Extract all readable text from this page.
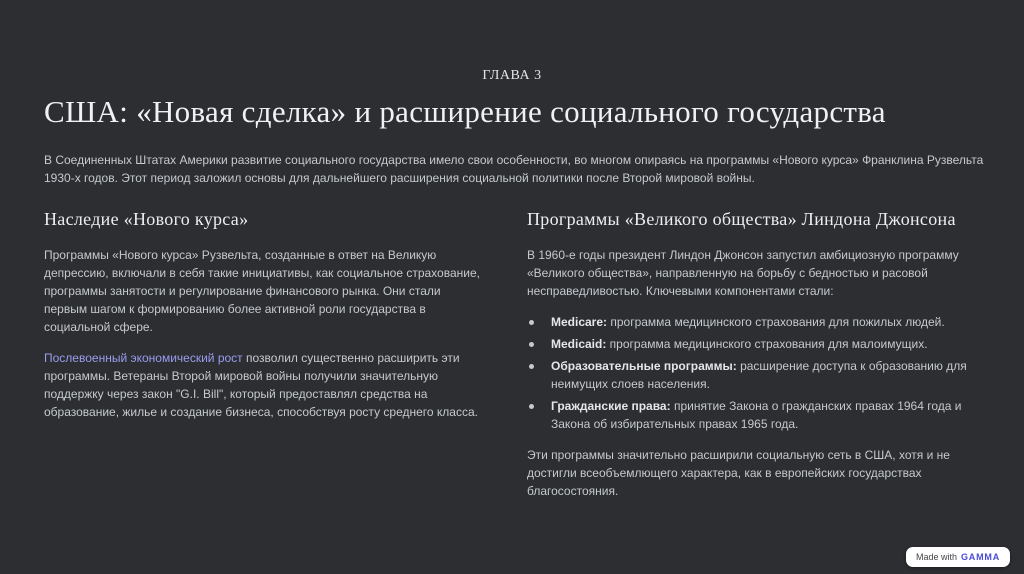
ГЛАВА 3
США: «Новая сделка» и расширение социального государства

В Соединенных Штатах Америки развитие социального государства имело свои особенности, во многом опираясь на программы «Нового курса» Франклина Рузвельта 1930-х годов. Этот период заложил основы для дальнейшего расширения социальной политики после Второй мировой войны.

Наследие «Нового курса»

Программы «Нового курса» Рузвельта, созданные в ответ на Великую депрессию, включали в себя такие инициативы, как социальное страхование, программы занятости и регулирование финансового рынка. Они стали первым шагом к формированию более активной роли государства в социальной сфере.

Послевоенный экономический рост позволил существенно расширить эти программы. Ветераны Второй мировой войны получили значительную поддержку через закон "G.I. Bill", который предоставлял средства на образование, жилье и создание бизнеса, способствуя росту среднего класса.

Программы «Великого общества» Линдона Джонсона

В 1960-е годы президент Линдон Джонсон запустил амбициозную программу «Великого общества», направленную на борьбу с бедностью и расовой несправедливостью. Ключевыми компонентами стали:

Medicare: программа медицинского страхования для пожилых людей.
Medicaid: программа медицинского страхования для малоимущих.
Образовательные программы: расширение доступа к образованию для неимущих слоев населения.
Гражданские права: принятие Закона о гражданских правах 1964 года и Закона об избирательных правах 1965 года.

Эти программы значительно расширили социальную сеть в США, хотя и не достигли всеобъемлющего характера, как в европейских государствах благосостояния.

Made with GAMMA
